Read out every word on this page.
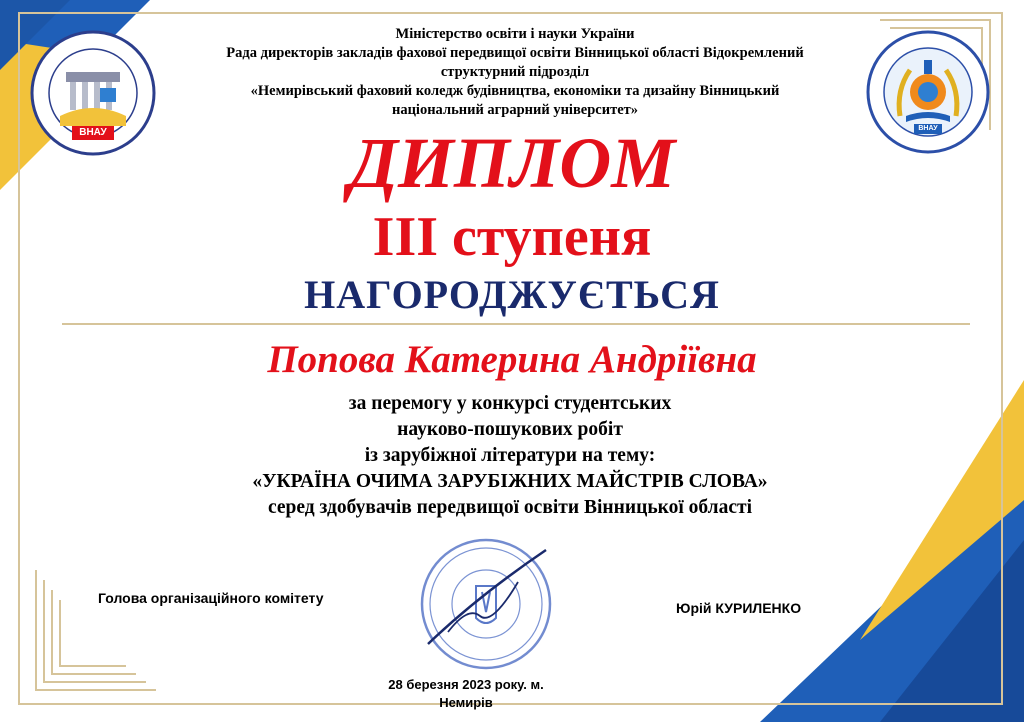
ВНАУ	ВНАУ
Міністерство освіти і науки України
Рада директорів закладів фахової передвищої освіти Вінницької області Відокремлений
структурний підрозділ
«Немирівський фаховий коледж будівництва, економіки та дизайну Вінницький
національний аграрний університет»
ДИПЛОМ
ІІІ ступеня
НАГОРОДЖУЄТЬСЯ
Попова Катерина Андріївна
за перемогу у конкурсі студентських
науково-пошукових робіт
із зарубіжної літератури на тему:
«УКРАЇНА ОЧИМА ЗАРУБІЖНИХ МАЙСТРІВ СЛОВА»
серед здобувачів передвищої освіти Вінницької області
Голова організаційного комітету
Юрій КУРИЛЕНКО
28 березня 2023 року. м.
Немирів
